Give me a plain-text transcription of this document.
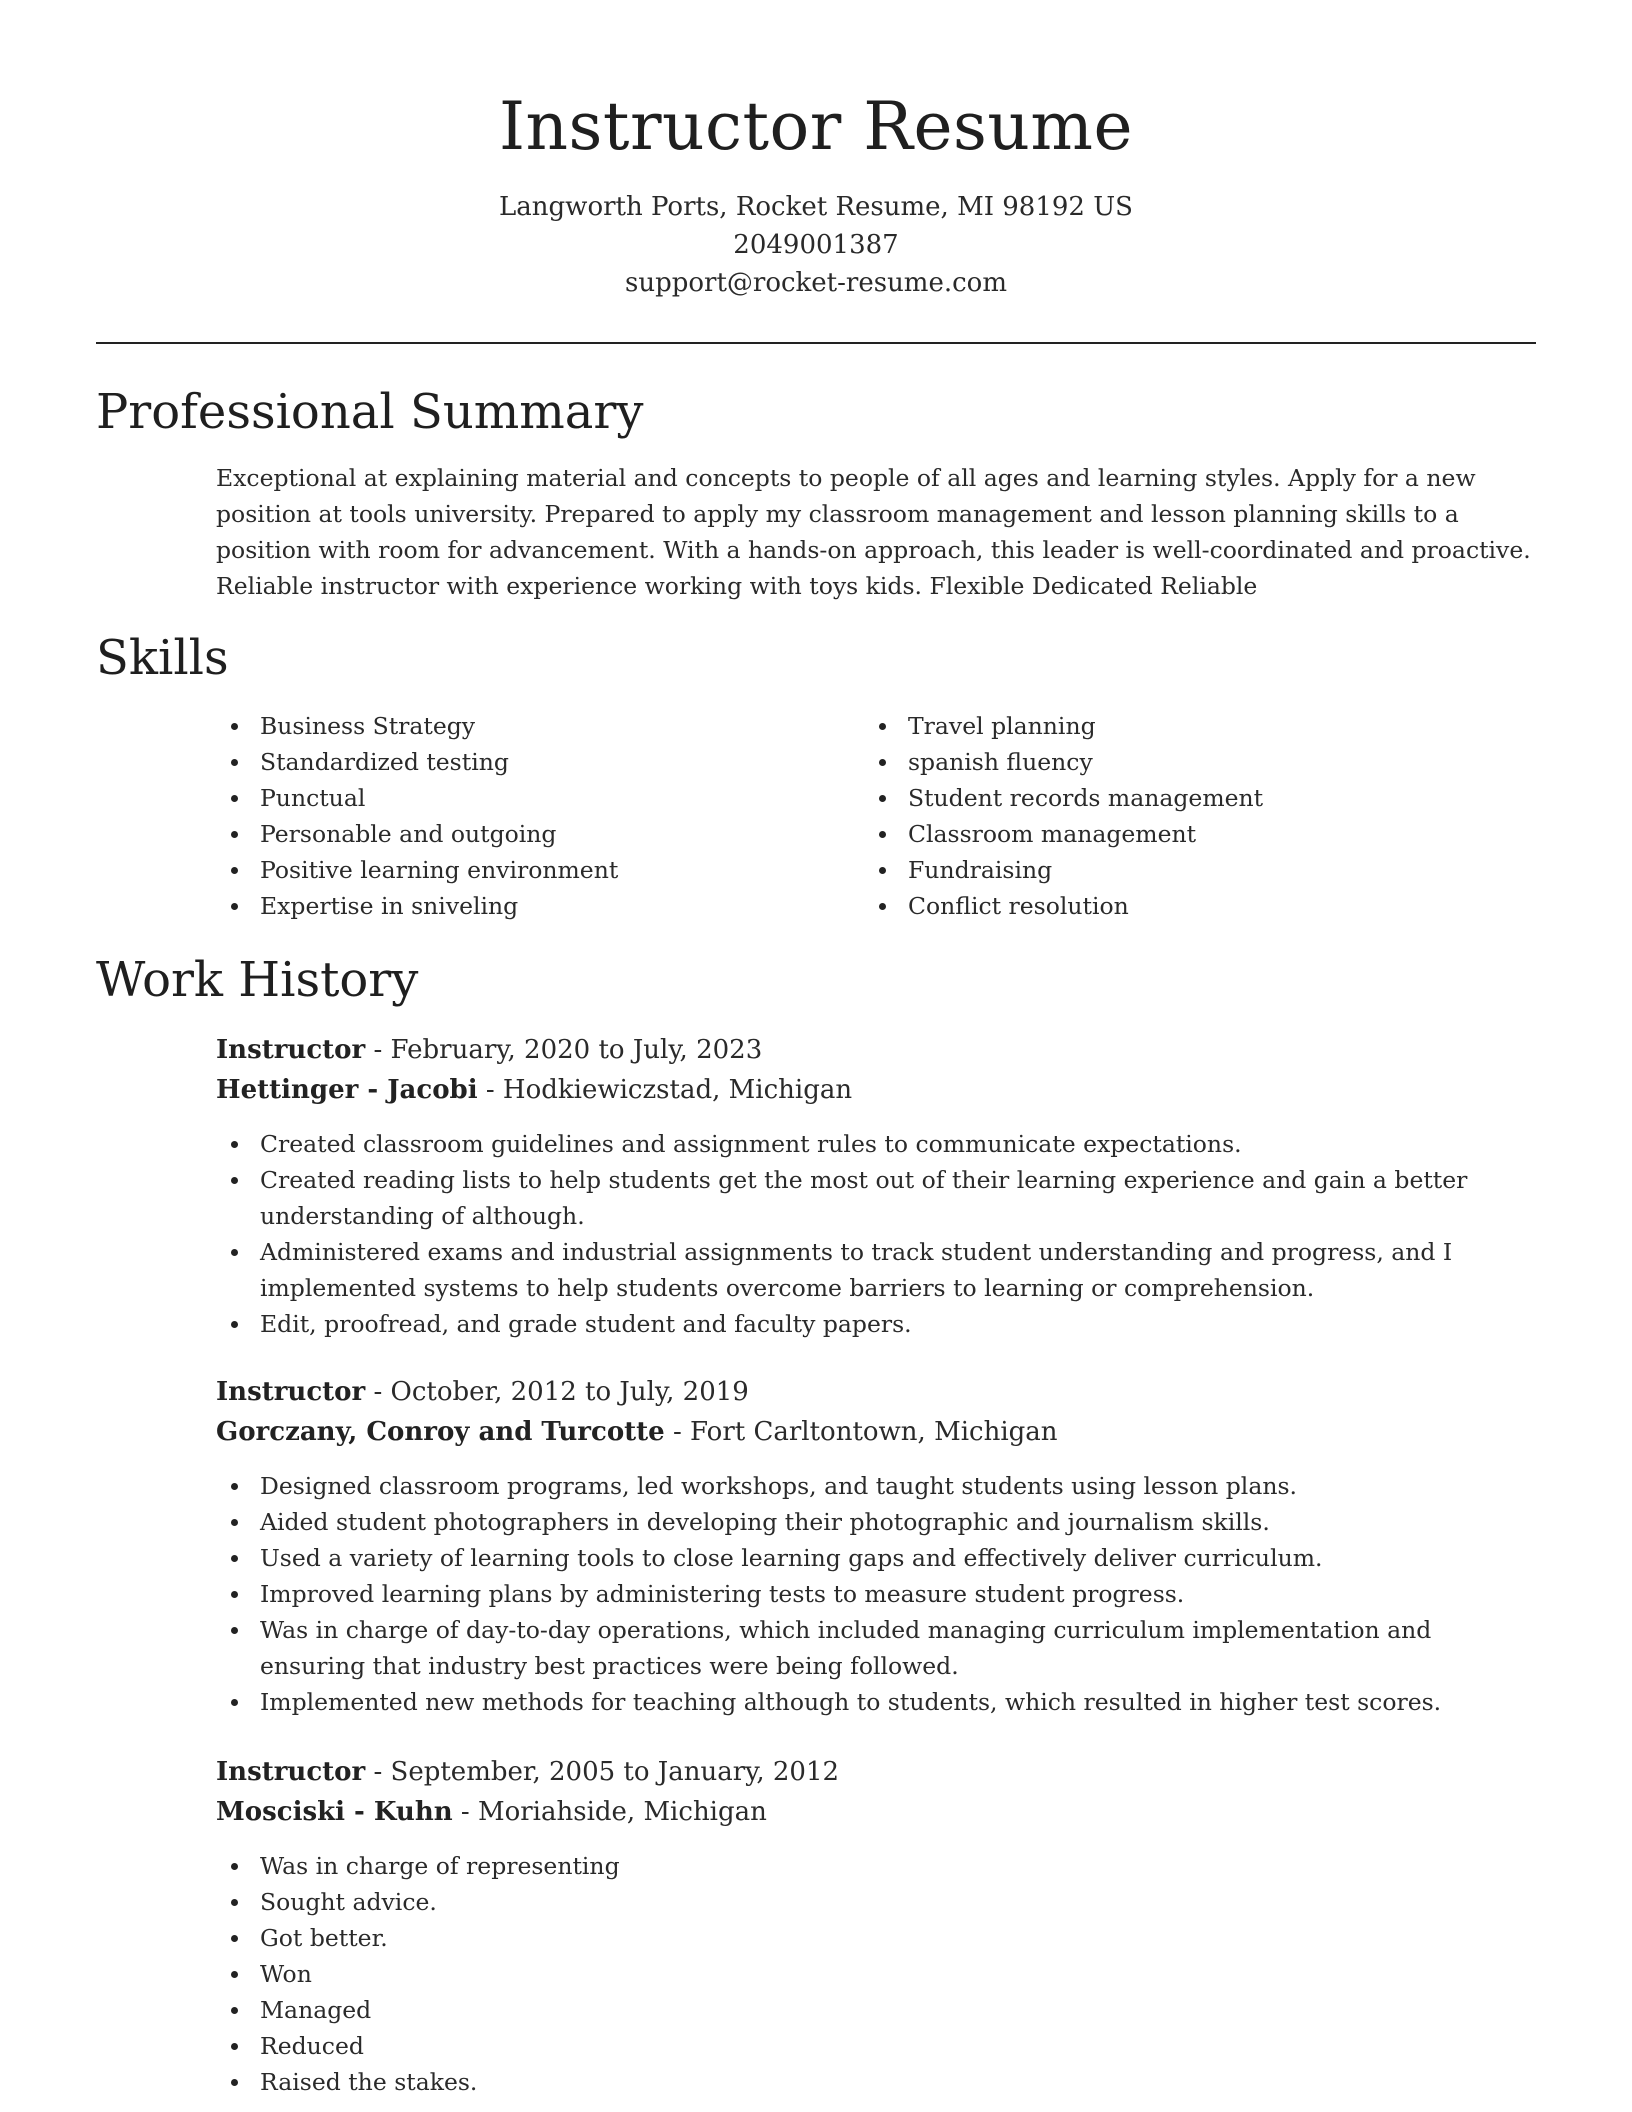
Instructor Resume
Langworth Ports, Rocket Resume, MI 98192 US
2049001387
support@rocket-resume.com
Professional Summary

Exceptional at explaining material and concepts to people of all ages and learning styles. Apply for a new position at tools university. Prepared to apply my classroom management and lesson planning skills to a position with room for advancement. With a hands-on approach, this leader is well-coordinated and proactive. Reliable instructor with experience working with toys kids. Flexible Dedicated Reliable

Skills
Business Strategy
Standardized testing
Punctual
Personable and outgoing
Positive learning environment
Expertise in sniveling
Travel planning
spanish fluency
Student records management
Classroom management
Fundraising
Conflict resolution
Work History
Instructor - February, 2020 to July, 2023
Hettinger - Jacobi - Hodkiewiczstad, Michigan
Created classroom guidelines and assignment rules to communicate expectations.
Created reading lists to help students get the most out of their learning experience and gain a better understanding of although.
Administered exams and industrial assignments to track student understanding and progress, and I implemented systems to help students overcome barriers to learning or comprehension.
Edit, proofread, and grade student and faculty papers.
Instructor - October, 2012 to July, 2019
Gorczany, Conroy and Turcotte - Fort Carltontown, Michigan
Designed classroom programs, led workshops, and taught students using lesson plans.
Aided student photographers in developing their photographic and journalism skills.
Used a variety of learning tools to close learning gaps and effectively deliver curriculum.
Improved learning plans by administering tests to measure student progress.
Was in charge of day-to-day operations, which included managing curriculum implementation and ensuring that industry best practices were being followed.
Implemented new methods for teaching although to students, which resulted in higher test scores.
Instructor - September, 2005 to January, 2012
Mosciski - Kuhn - Moriahside, Michigan
Was in charge of representing
Sought advice.
Got better.
Won
Managed
Reduced
Raised the stakes.
